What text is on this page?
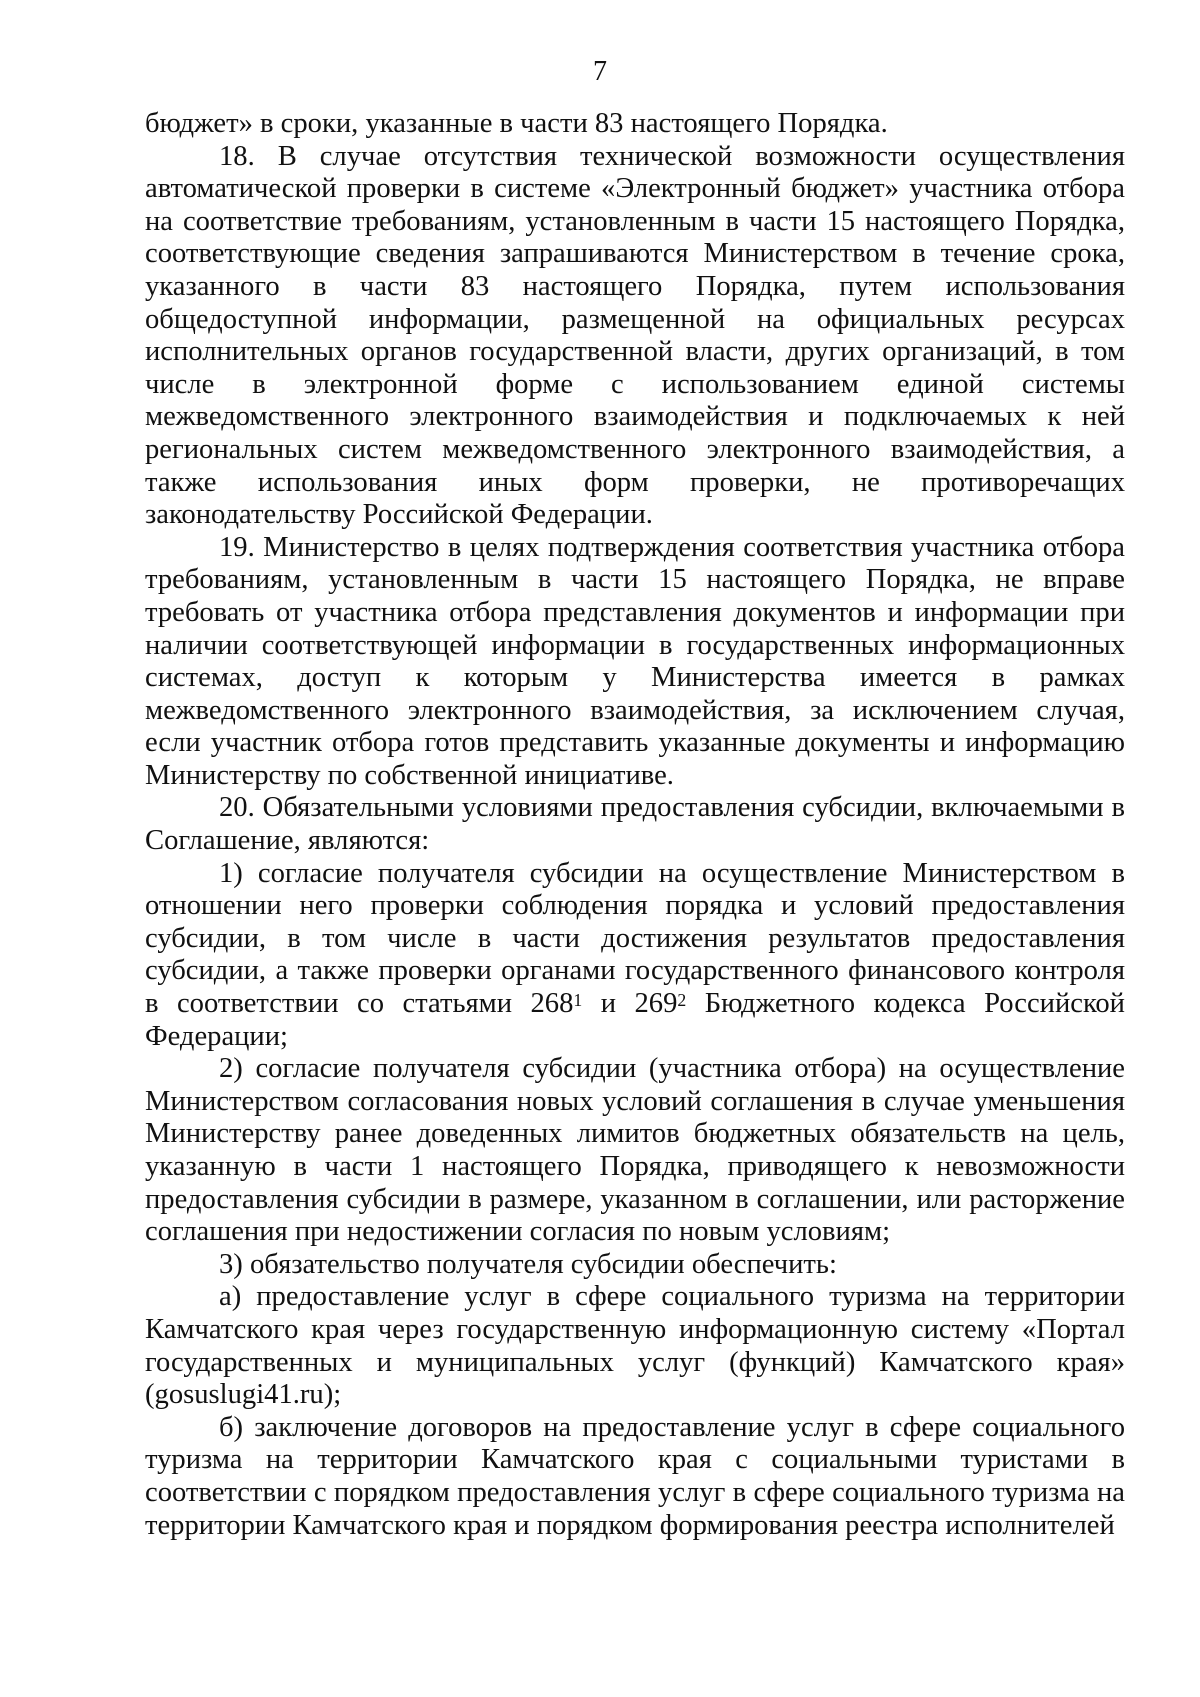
7

бюджет» в сроки, указанные в части 83 настоящего Порядка.

18. В случае отсутствия технической возможности осуществления автоматической проверки в системе «Электронный бюджет» участника отбора на соответствие требованиям, установленным в части 15 настоящего Порядка, соответствующие сведения запрашиваются Министерством в течение срока, указанного в части 83 настоящего Порядка, путем использования общедоступной информации, размещенной на официальных ресурсах исполнительных органов государственной власти, других организаций, в том числе в электронной форме с использованием единой системы межведомственного электронного взаимодействия и подключаемых к ней региональных систем межведомственного электронного взаимодействия, а также использования иных форм проверки, не противоречащих законодательству Российской Федерации.

19. Министерство в целях подтверждения соответствия участника отбора требованиям, установленным в части 15 настоящего Порядка, не вправе требовать от участника отбора представления документов и информации при наличии соответствующей информации в государственных информационных системах, доступ к которым у Министерства имеется в рамках межведомственного электронного взаимодействия, за исключением случая, если участник отбора готов представить указанные документы и информацию Министерству по собственной инициативе.

20. Обязательными условиями предоставления субсидии, включаемыми в Соглашение, являются:

1) согласие получателя субсидии на осуществление Министерством в отношении него проверки соблюдения порядка и условий предоставления субсидии, в том числе в части достижения результатов предоставления субсидии, а также проверки органами государственного финансового контроля в соответствии со статьями $268^1$ и $269^2$ Бюджетного кодекса Российской Федерации;

2) согласие получателя субсидии (участника отбора) на осуществление Министерством согласования новых условий соглашения в случае уменьшения Министерству ранее доведенных лимитов бюджетных обязательств на цель, указанную в части 1 настоящего Порядка, приводящего к невозможности предоставления субсидии в размере, указанном в соглашении, или расторжение соглашения при недостижении согласия по новым условиям;

3) обязательство получателя субсидии обеспечить:

а) предоставление услуг в сфере социального туризма на территории Камчатского края через государственную информационную систему «Портал государственных и муниципальных услуг (функций) Камчатского края» (gosuslugi41.ru);

б) заключение договоров на предоставление услуг в сфере социального туризма на территории Камчатского края с социальными туристами в соответствии с порядком предоставления услуг в сфере социального туризма на территории Камчатского края и порядком формирования реестра исполнителей
